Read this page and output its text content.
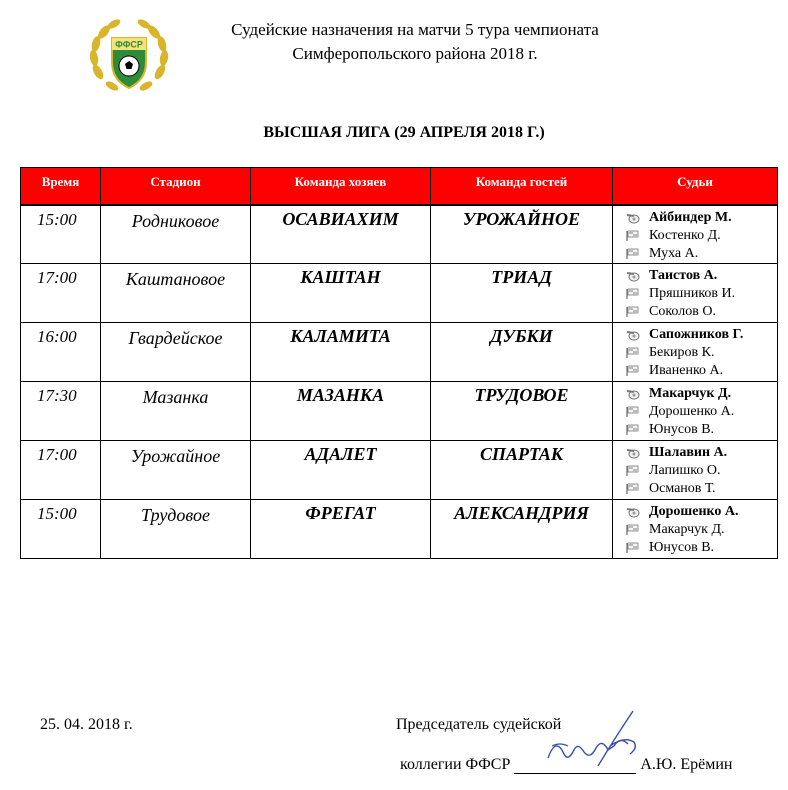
ФФСР
Судейские назначения на матчи 5 тура чемпионата
Симферопольского района 2018 г.
ВЫСШАЯ ЛИГА (29 АПРЕЛЯ 2018 Г.)
Время	Стадион	Команда хозяев	Команда гостей	Судьи
15:00	Родниковое	ОСАВИАХИМ	УРОЖАЙНОЕ	Айбиндер М.
Костенко Д.
Муха А.

17:00	Каштановое	КАШТАН	ТРИАД	Таистов А.
Пряшников И.
Соколов О.

16:00	Гвардейское	КАЛАМИТА	ДУБКИ	Сапожников Г.
Бекиров К.
Иваненко А.

17:30	Мазанка	МАЗАНКА	ТРУДОВОЕ	Макарчук Д.
Дорошенко А.
Юнусов В.

17:00	Урожайное	АДАЛЕТ	СПАРТАК	Шалавин А.
Лапишко О.
Османов Т.

15:00	Трудовое	ФРЕГАТ	АЛЕКСАНДРИЯ	Дорошенко А.
Макарчук Д.
Юнусов В.
25. 04. 2018 г.	Председатель судейской
коллегии ФФСР	А.Ю. Ерёмин
